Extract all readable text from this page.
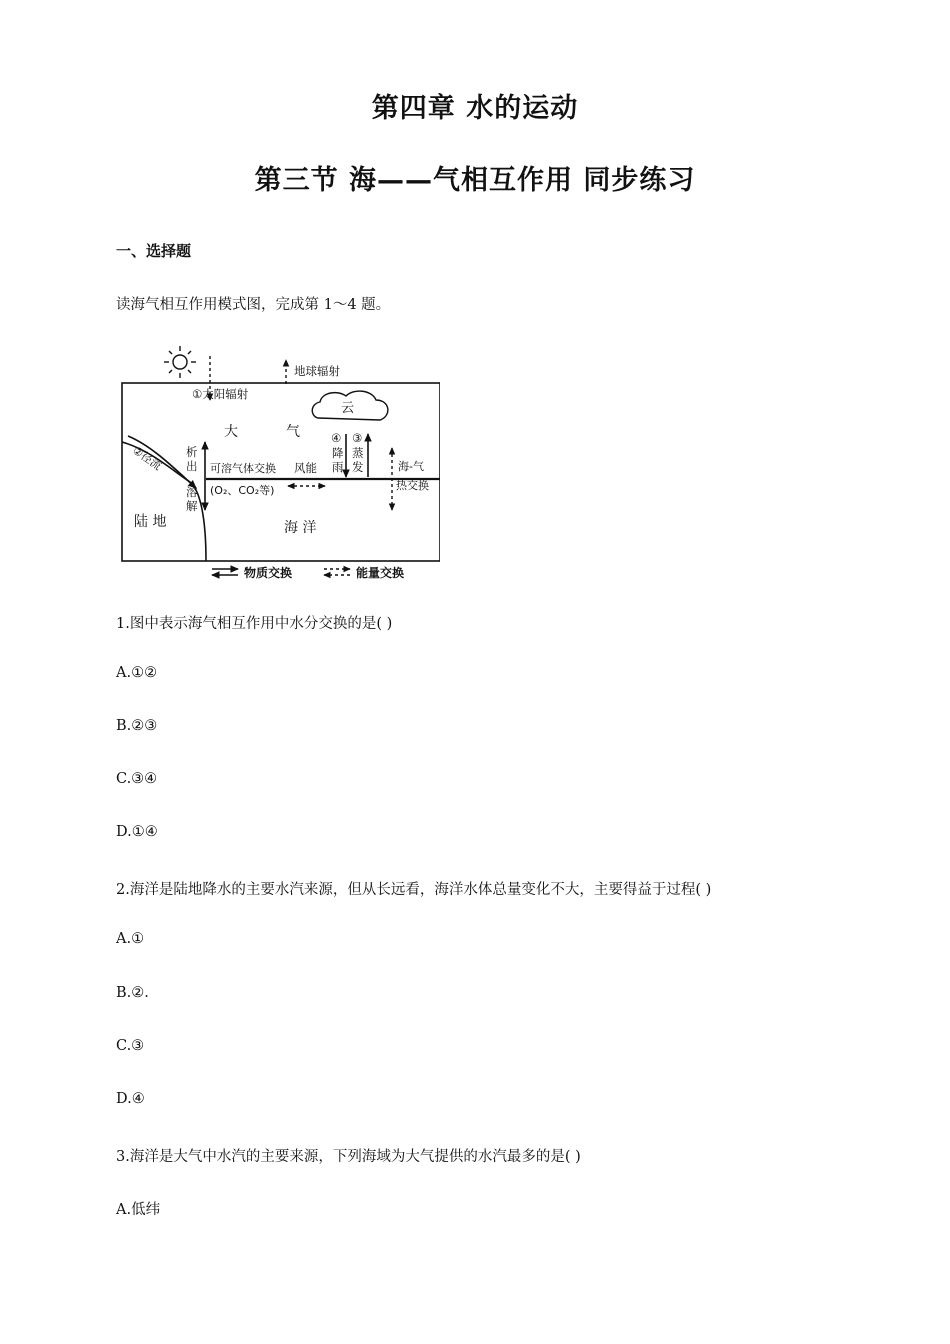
第四章 水的运动
第三节 海——气相互作用 同步练习
一、选择题
读海气相互作用模式图，完成第 1～4 题。
②径流
①太阳辐射
地球辐射
云
大	气
析
出
溶
解
可溶气体交换
(O₂、CO₂等)
风能
④
降
雨
③
蒸
发	海-气
热交换
陆 地	海 洋
物质交换	能量交换
1.图中表示海气相互作用中水分交换的是( )
A.①②
B.②③
C.③④
D.①④
2.海洋是陆地降水的主要水汽来源，但从长远看，海洋水体总量变化不大，主要得益于过程( )
A.①
B.②.
C.③
D.④
3.海洋是大气中水汽的主要来源，下列海域为大气提供的水汽最多的是( )
A.低纬
